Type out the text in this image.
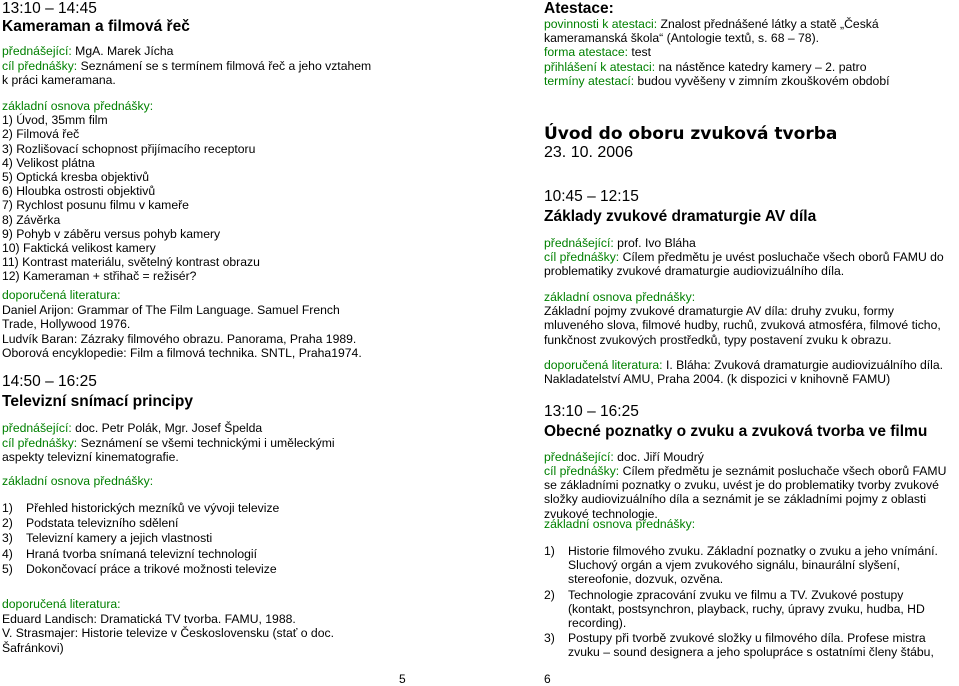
13:10 – 14:45
Kameraman a filmová řeč
přednášející: MgA. Marek Jícha
cíl přednášky: Seznámení se s termínem filmová řeč a jeho vztahem k práci kameramana.
základní osnova přednášky:
1) Úvod, 35mm film
2) Filmová řeč
3) Rozlišovací schopnost přijímacího receptoru
4) Velikost plátna
5) Optická kresba objektivů
6) Hloubka ostrosti objektivů
7) Rychlost posunu filmu v kameře
8) Závěrka
9) Pohyb v záběru versus pohyb kamery
10) Faktická velikost kamery
11) Kontrast materiálu, světelný kontrast obrazu
12) Kameraman + střihač = režisér?
doporučená literatura:
Daniel Arijon: Grammar of The Film Language. Samuel French Trade, Hollywood 1976.
Ludvík Baran: Zázraky filmového obrazu. Panorama, Praha 1989.
Oborová encyklopedie: Film a filmová technika. SNTL, Praha1974.
14:50 – 16:25
Televizní snímací principy
přednášející: doc. Petr Polák, Mgr. Josef Špelda
cíl přednášky: Seznámení se všemi technickými i uměleckými aspekty televizní kinematografie.
základní osnova přednášky:
1)	Přehled historických mezníků ve vývoji televize
2)	Podstata televizního sdělení
3)	Televizní kamery a jejich vlastnosti
4)	Hraná tvorba snímaná televizní technologií
5)	Dokončovací práce a trikové možnosti televize
doporučená literatura:
Eduard Landisch: Dramatická TV tvorba. FAMU, 1988.
V. Strasmajer: Historie televize v Československu (stať o doc. Šafránkovi)
5
Atestace:
povinnosti k atestaci: Znalost přednášené látky a statě „Česká kameramanská škola“ (Antologie textů, s. 68 – 78).
forma atestace: test
přihlášení k atestaci: na nástěnce katedry kamery – 2. patro
termíny atestací: budou vyvěšeny v zimním zkouškovém období
Úvod do oboru zvuková tvorba
23. 10. 2006
10:45 – 12:15
Základy zvukové dramaturgie AV díla
přednášející: prof. Ivo Bláha
cíl přednášky: Cílem předmětu je uvést posluchače všech oborů FAMU do problematiky zvukové dramaturgie audiovizuálního díla.
základní osnova přednášky:
Základní pojmy zvukové dramaturgie AV díla: druhy zvuku, formy mluveného slova, filmové hudby, ruchů, zvuková atmosféra, filmové ticho, funkčnost zvukových prostředků, typy postavení zvuku k obrazu.
doporučená literatura: I. Bláha: Zvuková dramaturgie audiovizuálního díla. Nakladatelství AMU, Praha 2004. (k dispozici v knihovně FAMU)
13:10 – 16:25
Obecné poznatky o zvuku a zvuková tvorba ve filmu
přednášející: doc. Jiří Moudrý
cíl přednášky: Cílem předmětu je seznámit posluchače všech oborů FAMU se základními poznatky o zvuku, uvést je do problematiky tvorby zvukové složky audiovizuálního díla a seznámit je se základními pojmy z oblasti zvukové technologie.
základní osnova přednášky:
1)	Historie filmového zvuku. Základní poznatky o zvuku a jeho vnímání. Sluchový orgán a vjem zvukového signálu, binaurální slyšení, stereofonie, dozvuk, ozvěna.
2)	Technologie zpracování zvuku ve filmu a TV. Zvukové postupy (kontakt, postsynchron, playback, ruchy, úpravy zvuku, hudba, HD recording).
3)	Postupy při tvorbě zvukové složky u filmového díla. Profese mistra zvuku – sound designera a jeho spolupráce s ostatními členy štábu,
6
